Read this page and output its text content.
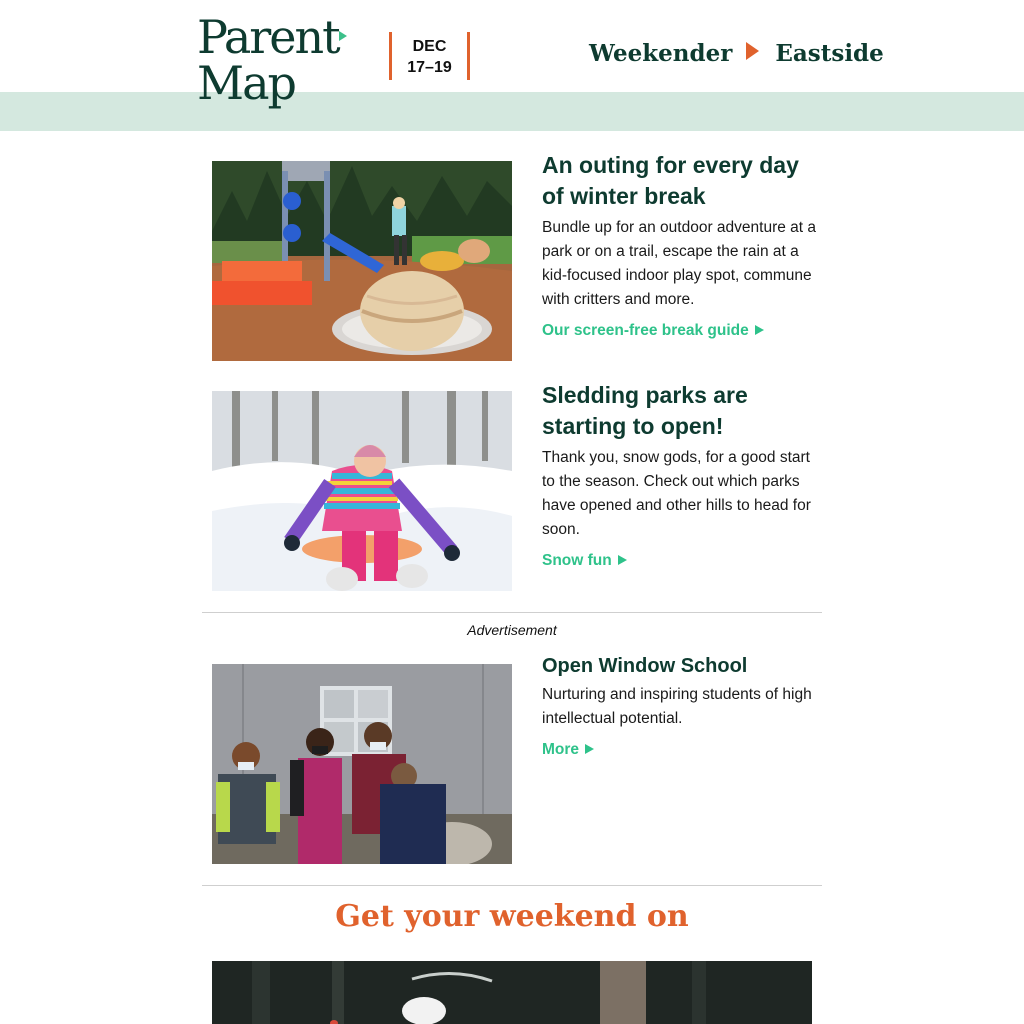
Parent
Map
DEC
17–19
Weekender Eastside
An outing for every day of winter break

Bundle up for an outdoor adventure at a park or on a trail, escape the rain at a kid-focused indoor play spot, commune with critters and more.

Our screen-free break guide
Sledding parks are starting to open!

Thank you, snow gods, for a good start to the season. Check out which parks have opened and other hills to head for soon.

Snow fun
Advertisement
Open Window School

Nurturing and inspiring students of high intellectual potential.

More
Get your weekend on
